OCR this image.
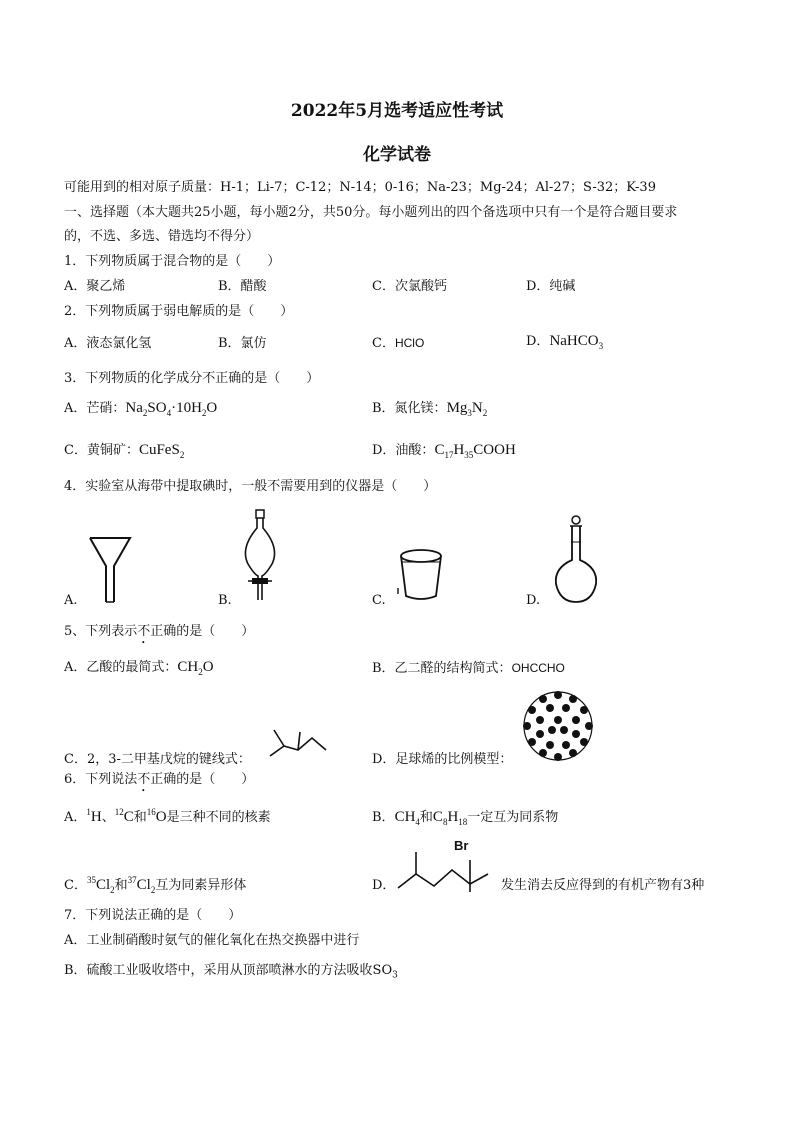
2022年5月选考适应性考试
化学试卷
可能用到的相对原子质量：H-1；Li-7；C-12；N-14；0-16；Na-23；Mg-24；Al-27；S-32；K-39
一、选择题（本大题共25小题，每小题2分，共50分。每小题列出的四个备选项中只有一个是符合题目要求
的，不选、多选、错选均不得分）
1．下列物质属于混合物的是（　　）
A．聚乙烯	B．醋酸	C．次氯酸钙	D．纯碱
2．下列物质属于弱电解质的是（　　）
A．液态氯化氢	B．氯仿	C．HClO	D．NaHCO$_3$
3．下列物质的化学成分不正确的是（　　）
A．芒硝：$Na_2SO_4\cdot 10H_2O$	B．氮化镁：$Mg_3N_2$
C．黄铜矿：CuFeS$_2$	D．油酸：$C_{17}H_{35}COOH$
4．实验室从海带中提取碘时，一般不需要用到的仪器是（　　）
A.	B.	C.	D.
5、下列表示不正确的是（　　）
A．乙酸的最简式：$CH_2O$	B．乙二醛的结构简式：OHCCHO
C．2，3-二甲基戊烷的键线式：	D．足球烯的比例模型：
6．下列说法不正确的是（　　）
A．$^1$H、$^{12}$C和$^{16}$O是三种不同的核素	B．$CH_4$和$C_8H_{18}$一定互为同系物
C．$^{35}Cl_2$和$^{37}Cl_2$互为同素异形体	D．
Br
发生消去反应得到的有机产物有3种
7．下列说法正确的是（　　）
A．工业制硝酸时氨气的催化氧化在热交换器中进行
B．硫酸工业吸收塔中，采用从顶部喷淋水的方法吸收$SO_3$
